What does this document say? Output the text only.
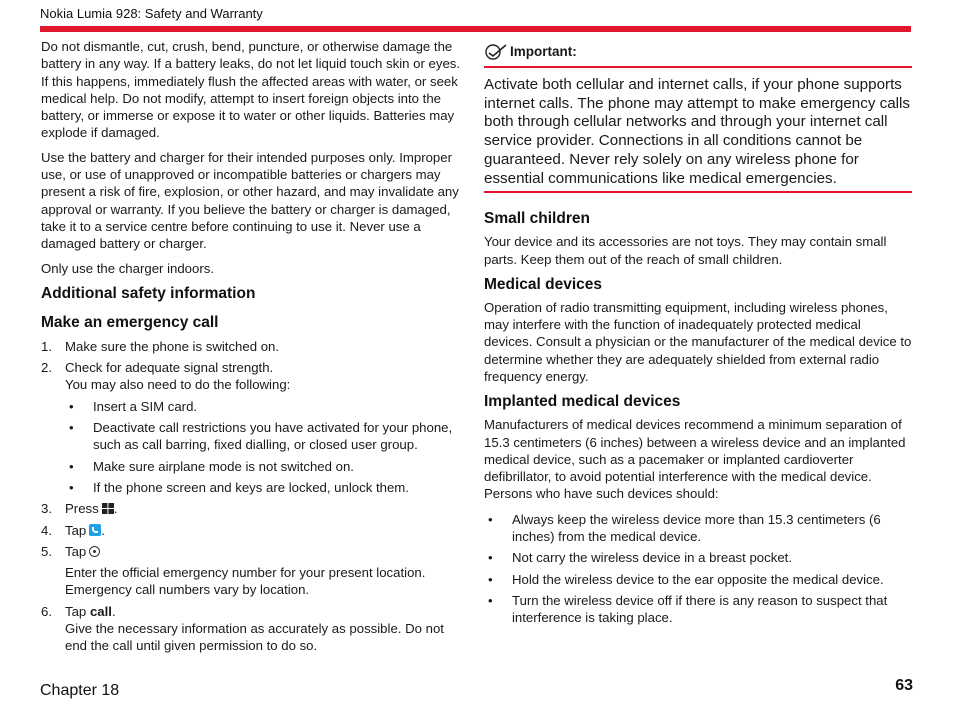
Nokia Lumia 928: Safety and Warranty

Do not dismantle, cut, crush, bend, puncture, or otherwise damage the battery in any way. If a battery leaks, do not let liquid touch skin or eyes. If this happens, immediately flush the affected areas with water, or seek medical help. Do not modify, attempt to insert foreign objects into the battery, or immerse or expose it to water or other liquids. Batteries may explode if damaged.

Use the battery and charger for their intended purposes only. Improper use, or use of unapproved or incompatible batteries or chargers may present a risk of fire, explosion, or other hazard, and may invalidate any approval or warranty. If you believe the battery or charger is damaged, take it to a service centre before continuing to use it. Never use a damaged battery or charger.

Only use the charger indoors.

Additional safety information
Make an emergency call
1. Make sure the phone is switched on.
2. Check for adequate signal strength.
You may also need to do the following:
• Insert a SIM card.
• Deactivate call restrictions you have activated for your phone, such as call barring, fixed dialling, or closed user group.
• Make sure airplane mode is not switched on.
• If the phone screen and keys are locked, unlock them.
3. Press .
4. Tap .
5. Tap
Enter the official emergency number for your present location. Emergency call numbers vary by location.
6. Tap call.
Give the necessary information as accurately as possible. Do not end the call until given permission to do so.
Important:

Activate both cellular and internet calls, if your phone supports internet calls. The phone may attempt to make emergency calls both through cellular networks and through your internet call service provider. Connections in all conditions cannot be guaranteed. Never rely solely on any wireless phone for essential communications like medical emergencies.

Small children

Your device and its accessories are not toys. They may contain small parts. Keep them out of the reach of small children.

Medical devices

Operation of radio transmitting equipment, including wireless phones, may interfere with the function of inadequately protected medical devices. Consult a physician or the manufacturer of the medical device to determine whether they are adequately shielded from external radio frequency energy.

Implanted medical devices

Manufacturers of medical devices recommend a minimum separation of 15.3 centimeters (6 inches) between a wireless device and an implanted medical device, such as a pacemaker or implanted cardioverter defibrillator, to avoid potential interference with the medical device. Persons who have such devices should:

• Always keep the wireless device more than 15.3 centimeters (6 inches) from the medical device.
• Not carry the wireless device in a breast pocket.
• Hold the wireless device to the ear opposite the medical device.
• Turn the wireless device off if there is any reason to suspect that interference is taking place.
Chapter 18	63
